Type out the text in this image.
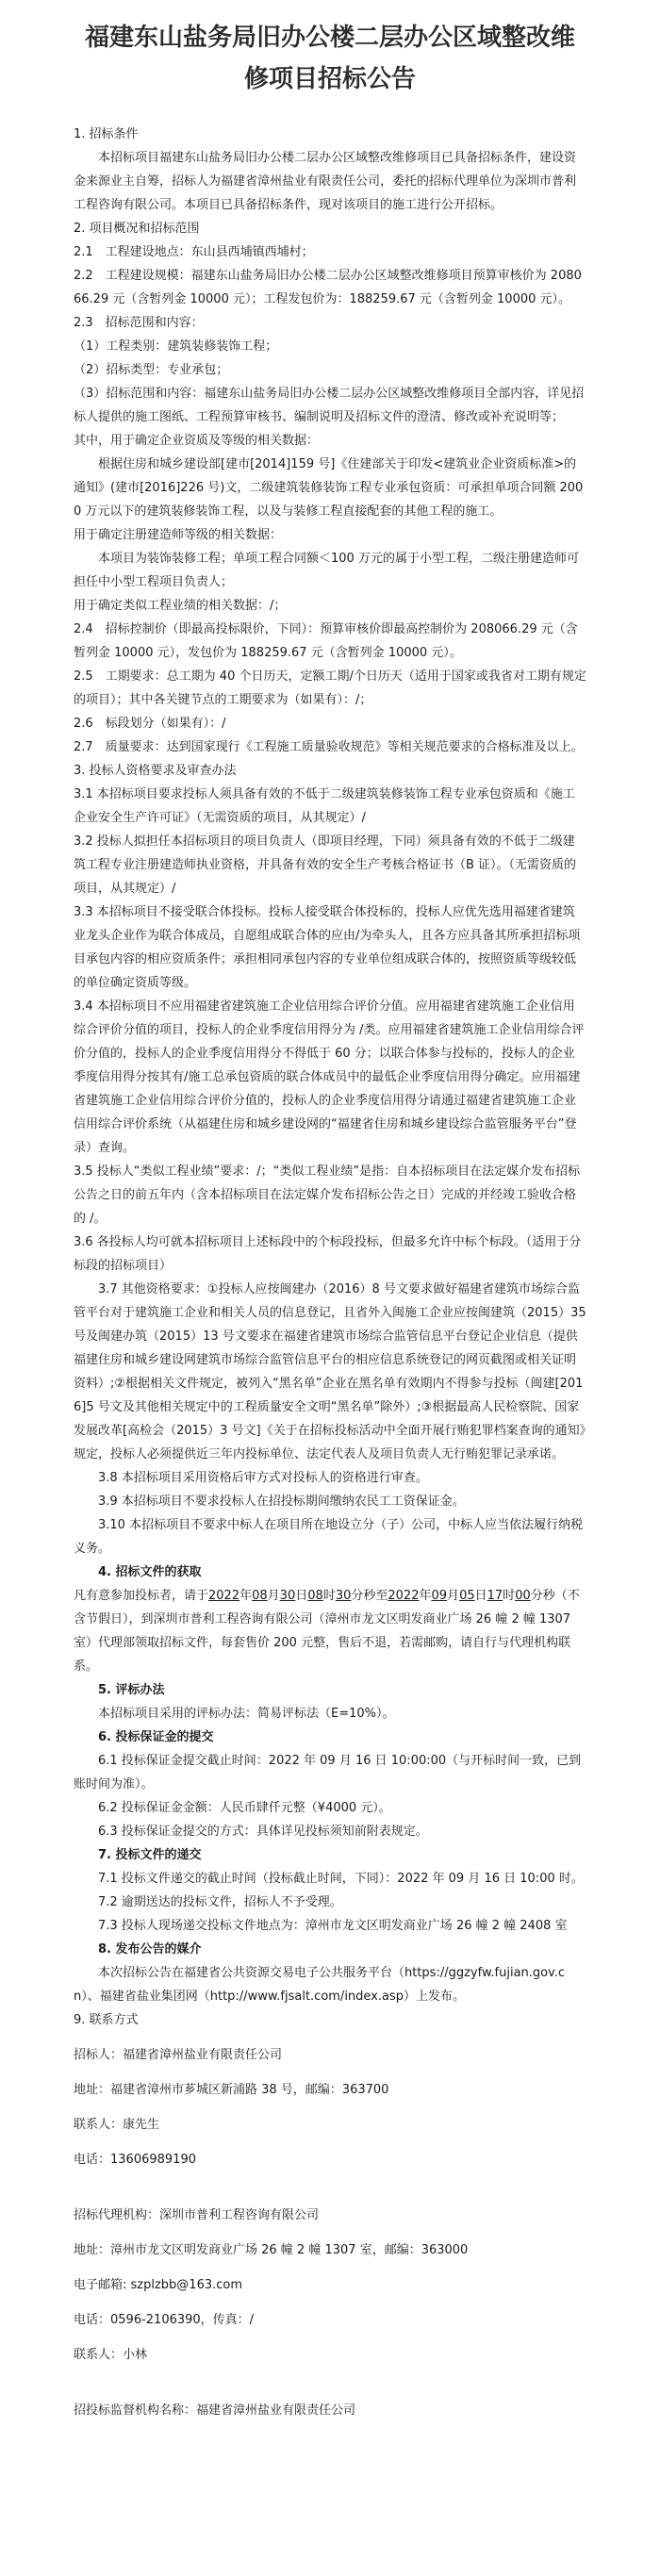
福建东山盐务局旧办公楼二层办公区域整改维修项目招标公告

1. 招标条件

本招标项目福建东山盐务局旧办公楼二层办公区域整改维修项目已具备招标条件，建设资金来源业主自筹，招标人为福建省漳州盐业有限责任公司，委托的招标代理单位为深圳市普利工程咨询有限公司。本项目已具备招标条件，现对该项目的施工进行公开招标。

2. 项目概况和招标范围

2.1　工程建设地点：东山县西埔镇西埔村；

2.2　工程建设规模：福建东山盐务局旧办公楼二层办公区域整改维修项目预算审核价为 208066.29 元（含暂列金 10000 元）；工程发包价为：188259.67 元（含暂列金 10000 元）。

2.3　招标范围和内容：

（1）工程类别：建筑装修装饰工程；

（2）招标类型：专业承包；

（3）招标范围和内容：福建东山盐务局旧办公楼二层办公区域整改维修项目全部内容，详见招标人提供的施工图纸、工程预算审核书、编制说明及招标文件的澄清、修改或补充说明等；

其中，用于确定企业资质及等级的相关数据：

根据住房和城乡建设部[建市[2014]159 号]《住建部关于印发<建筑业企业资质标准>的通知》(建市[2016]226 号)文，二级建筑装修装饰工程专业承包资质：可承担单项合同额 2000 万元以下的建筑装修装饰工程，以及与装修工程直接配套的其他工程的施工。

用于确定注册建造师等级的相关数据：

本项目为装饰装修工程；单项工程合同额＜100 万元的属于小型工程，二级注册建造师可担任中小型工程项目负责人；

用于确定类似工程业绩的相关数据：/；

2.4　招标控制价（即最高投标限价，下同）：预算审核价即最高控制价为 208066.29 元（含暂列金 10000 元），发包价为 188259.67 元（含暂列金 10000 元）。

2.5　工期要求：总工期为 40 个日历天，定额工期/个日历天（适用于国家或我省对工期有规定的项目）；其中各关键节点的工期要求为（如果有）：/；

2.6　标段划分（如果有）：/

2.7　质量要求：达到国家现行《工程施工质量验收规范》等相关规范要求的合格标准及以上。

3. 投标人资格要求及审查办法

3.1 本招标项目要求投标人须具备有效的不低于二级建筑装修装饰工程专业承包资质和《施工企业安全生产许可证》（无需资质的项目，从其规定）/

3.2 投标人拟担任本招标项目的项目负责人（即项目经理，下同）须具备有效的不低于二级建筑工程专业注册建造师执业资格，并具备有效的安全生产考核合格证书（B 证）。（无需资质的项目，从其规定）/

3.3 本招标项目不接受联合体投标。投标人接受联合体投标的，投标人应优先选用福建省建筑业龙头企业作为联合体成员，自愿组成联合体的应由/为牵头人，且各方应具备其所承担招标项目承包内容的相应资质条件；承担相同承包内容的专业单位组成联合体的，按照资质等级较低的单位确定资质等级。

3.4 本招标项目不应用福建省建筑施工企业信用综合评价分值。应用福建省建筑施工企业信用综合评价分值的项目，投标人的企业季度信用得分为 /类。应用福建省建筑施工企业信用综合评价分值的，投标人的企业季度信用得分不得低于 60 分；以联合体参与投标的，投标人的企业季度信用得分按其有/施工总承包资质的联合体成员中的最低企业季度信用得分确定。应用福建省建筑施工企业信用综合评价分值的，投标人的企业季度信用得分请通过福建省建筑施工企业信用综合评价系统（从福建住房和城乡建设网的“福建省住房和城乡建设综合监管服务平台”登录）查询。

3.5 投标人“类似工程业绩”要求：/；“类似工程业绩”是指：自本招标项目在法定媒介发布招标公告之日的前五年内（含本招标项目在法定媒介发布招标公告之日）完成的并经竣工验收合格的 /。

3.6 各投标人均可就本招标项目上述标段中的个标段投标，但最多允许中标个标段。（适用于分标段的招标项目）

3.7 其他资格要求：①投标人应按闽建办（2016）8 号文要求做好福建省建筑市场综合监管平台对于建筑施工企业和相关人员的信息登记，且省外入闽施工企业应按闽建筑（2015）35 号及闽建办筑（2015）13 号文要求在福建省建筑市场综合监管信息平台登记企业信息（提供福建住房和城乡建设网建筑市场综合监管信息平台的相应信息系统登记的网页截图或相关证明资料）;②根据相关文件规定，被列入“黑名单”企业在黑名单有效期内不得参与投标（闽建[2016]5 号文及其他相关规定中的工程质量安全文明“黑名单”除外）;③根据最高人民检察院、国家发展改革[高检会（2015）3 号文]《关于在招标投标活动中全面开展行贿犯罪档案查询的通知》规定，投标人必须提供近三年内投标单位、法定代表人及项目负责人无行贿犯罪记录承诺。

3.8 本招标项目采用资格后审方式对投标人的资格进行审查。

3.9 本招标项目不要求投标人在招投标期间缴纳农民工工资保证金。

3.10 本招标项目不要求中标人在项目所在地设立分（子）公司，中标人应当依法履行纳税义务。

4. 招标文件的获取

凡有意参加投标者，请于2022年08月30日08时30分秒至2022年09月05日17时00分秒（不含节假日），到深圳市普利工程咨询有限公司（漳州市龙文区明发商业广场 26 幢 2 幢 1307 室）代理部领取招标文件，每套售价 200 元整，售后不退，若需邮购，请自行与代理机构联系。

5. 评标办法

本招标项目采用的评标办法：简易评标法（E=10%）。

6. 投标保证金的提交

6.1 投标保证金提交截止时间：2022 年 09 月 16 日 10:00:00（与开标时间一致，已到账时间为准）。

6.2 投标保证金金额：人民币肆仟元整（¥4000 元）。

6.3 投标保证金提交的方式：具体详见投标须知前附表规定。

7. 投标文件的递交

7.1 投标文件递交的截止时间（投标截止时间，下同）：2022 年 09 月 16 日 10:00 时。

7.2 逾期送达的投标文件，招标人不予受理。

7.3 投标人现场递交投标文件地点为：漳州市龙文区明发商业广场 26 幢 2 幢 2408 室

8. 发布公告的媒介

本次招标公告在福建省公共资源交易电子公共服务平台（https://ggzyfw.fujian.gov.cn）、福建省盐业集团网（http://www.fjsalt.com/index.asp）上发布。

9. 联系方式

招标人：福建省漳州盐业有限责任公司

地址：福建省漳州市芗城区新浦路 38 号，邮编：363700

联系人：康先生

电话：13606989190

招标代理机构：深圳市普利工程咨询有限公司

地址：漳州市龙文区明发商业广场 26 幢 2 幢 1307 室，邮编：363000

电子邮箱: szplzbb@163.com

电话：0596-2106390，传真：/

联系人：小林

招投标监督机构名称：福建省漳州盐业有限责任公司
